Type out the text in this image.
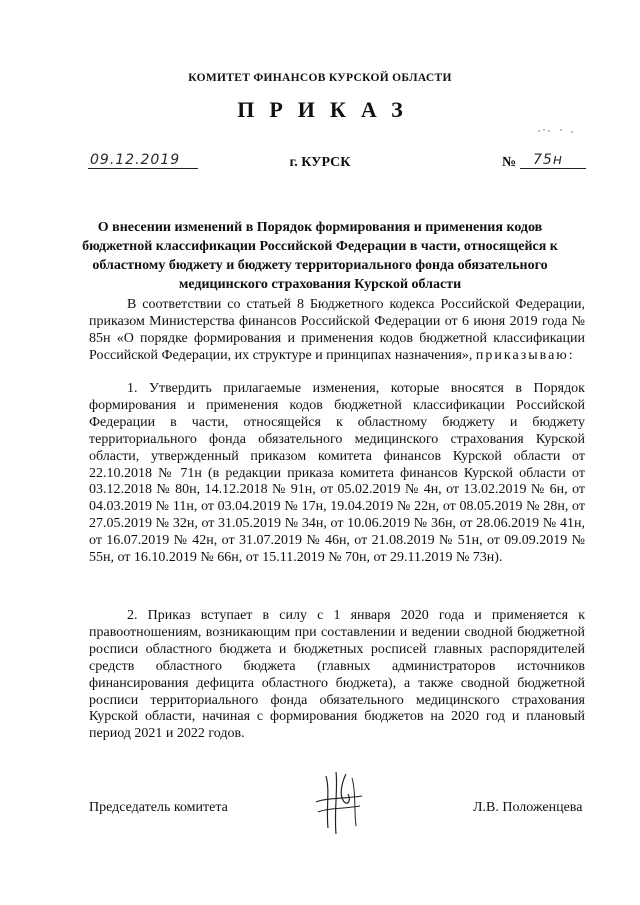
КОМИТЕТ ФИНАНСОВ КУРСКОЙ ОБЛАСТИ
ПРИКАЗ
09.12.2019	г. КУРСК	№ 75н
О внесении изменений в Порядок формирования и применения кодов бюджетной классификации Российской Федерации в части, относящейся к областному бюджету и бюджету территориального фонда обязательного медицинского страхования Курской области
В соответствии со статьей 8 Бюджетного кодекса Российской Федерации, приказом Министерства финансов Российской Федерации от 6 июня 2019 года № 85н «О порядке формирования и применения кодов бюджетной классификации Российской Федерации, их структуре и принципах назначения», приказываю:
1. Утвердить прилагаемые изменения, которые вносятся в Порядок формирования и применения кодов бюджетной классификации Российской Федерации в части, относящейся к областному бюджету и бюджету территориального фонда обязательного медицинского страхования Курской области, утвержденный приказом комитета финансов Курской области от 22.10.2018 № 71н (в редакции приказа комитета финансов Курской области от 03.12.2018 № 80н, 14.12.2018 № 91н, от 05.02.2019 № 4н, от 13.02.2019 № 6н, от 04.03.2019 № 11н, от 03.04.2019 № 17н, 19.04.2019 № 22н, от 08.05.2019 № 28н, от 27.05.2019 № 32н, от 31.05.2019 № 34н, от 10.06.2019 № 36н, от 28.06.2019 № 41н, от 16.07.2019 № 42н, от 31.07.2019 № 46н, от 21.08.2019 № 51н, от 09.09.2019 № 55н, от 16.10.2019 № 66н, от 15.11.2019 № 70н, от 29.11.2019 № 73н).
2. Приказ вступает в силу с 1 января 2020 года и применяется к правоотношениям, возникающим при составлении и ведении сводной бюджетной росписи областного бюджета и бюджетных росписей главных распорядителей средств областного бюджета (главных администраторов источников финансирования дефицита областного бюджета), а также сводной бюджетной росписи территориального фонда обязательного медицинского страхования Курской области, начиная с формирования бюджетов на 2020 год и плановый период 2021 и 2022 годов.
Председатель комитета	Л.В. Положенцева
